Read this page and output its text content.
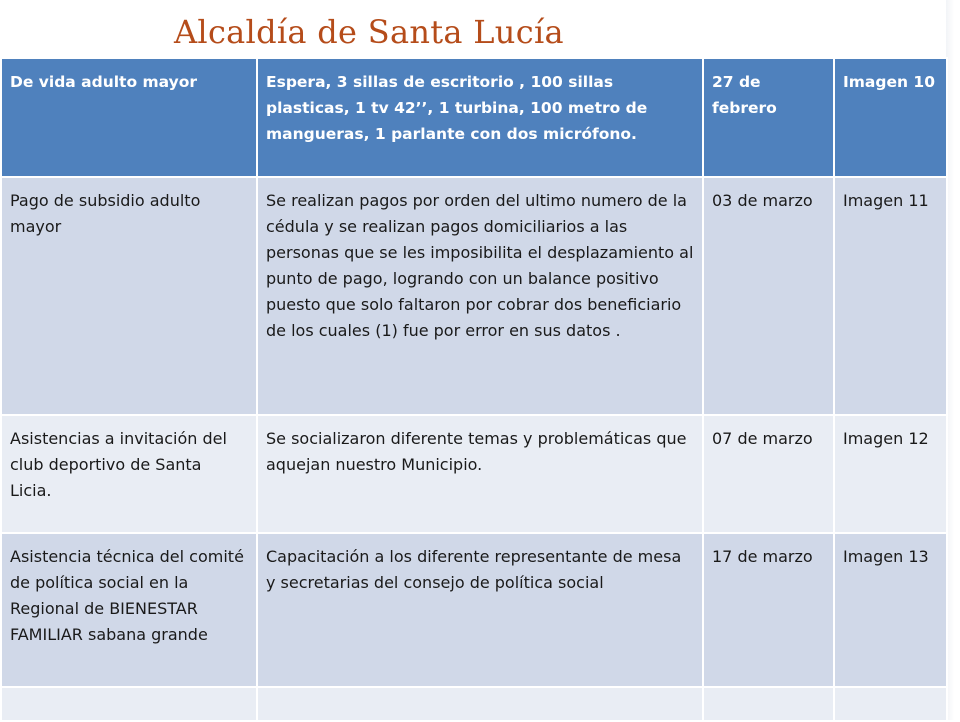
Alcaldía de Santa Lucía
De vida adulto mayor	Espera, 3 sillas de escritorio , 100 sillas plasticas, 1 tv 42’’, 1 turbina, 100 metro de mangueras, 1 parlante con dos micrófono.	27 de febrero	Imagen 10
Pago de subsidio adulto mayor	Se realizan pagos por orden del ultimo numero de la cédula y se realizan pagos domiciliarios a las personas que se les imposibilita el desplazamiento al punto de pago, logrando con un balance positivo puesto que solo faltaron por cobrar dos beneficiario de los cuales (1) fue por error en sus datos .	03 de marzo	Imagen 11
Asistencias a invitación del club deportivo de Santa Licia.	Se socializaron diferente temas y problemáticas que aquejan nuestro Municipio.	07 de marzo	Imagen 12
Asistencia técnica del comité de política social en la Regional de BIENESTAR FAMILIAR sabana grande	Capacitación a los diferente representante de mesa y secretarias del consejo de política social	17 de marzo	Imagen 13
